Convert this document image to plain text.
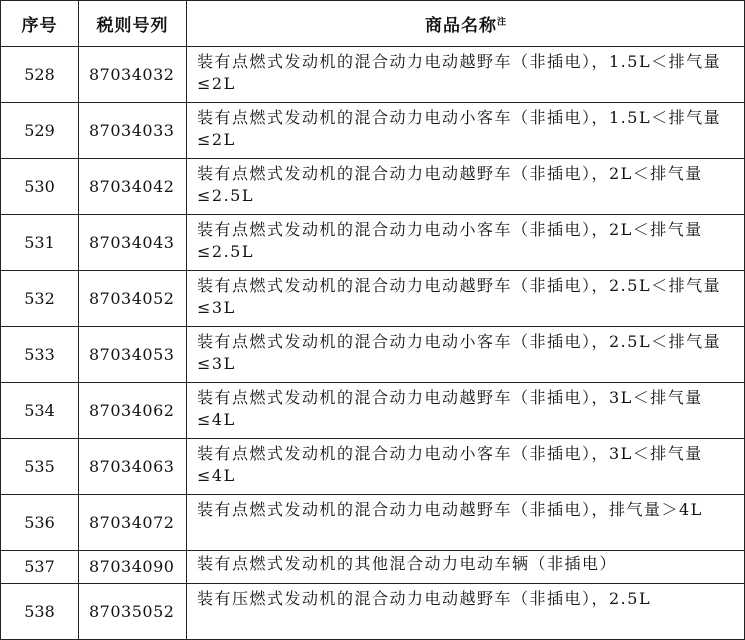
序号	税则号列	商品名称$^注$
528	87034032	装有点燃式发动机的混合动力电动越野车（非插电），1.5L＜排气量≤2L
529	87034033	装有点燃式发动机的混合动力电动小客车（非插电），1.5L＜排气量≤2L
530	87034042	装有点燃式发动机的混合动力电动越野车（非插电），2L＜排气量≤2.5L
531	87034043	装有点燃式发动机的混合动力电动小客车（非插电），2L＜排气量≤2.5L
532	87034052	装有点燃式发动机的混合动力电动越野车（非插电），2.5L＜排气量≤3L
533	87034053	装有点燃式发动机的混合动力电动小客车（非插电），2.5L＜排气量≤3L
534	87034062	装有点燃式发动机的混合动力电动越野车（非插电），3L＜排气量≤4L
535	87034063	装有点燃式发动机的混合动力电动小客车（非插电），3L＜排气量≤4L
536	87034072	装有点燃式发动机的混合动力电动越野车（非插电），排气量＞4L
537	87034090	装有点燃式发动机的其他混合动力电动车辆（非插电）
538	87035052	装有压燃式发动机的混合动力电动越野车（非插电），2.5L
